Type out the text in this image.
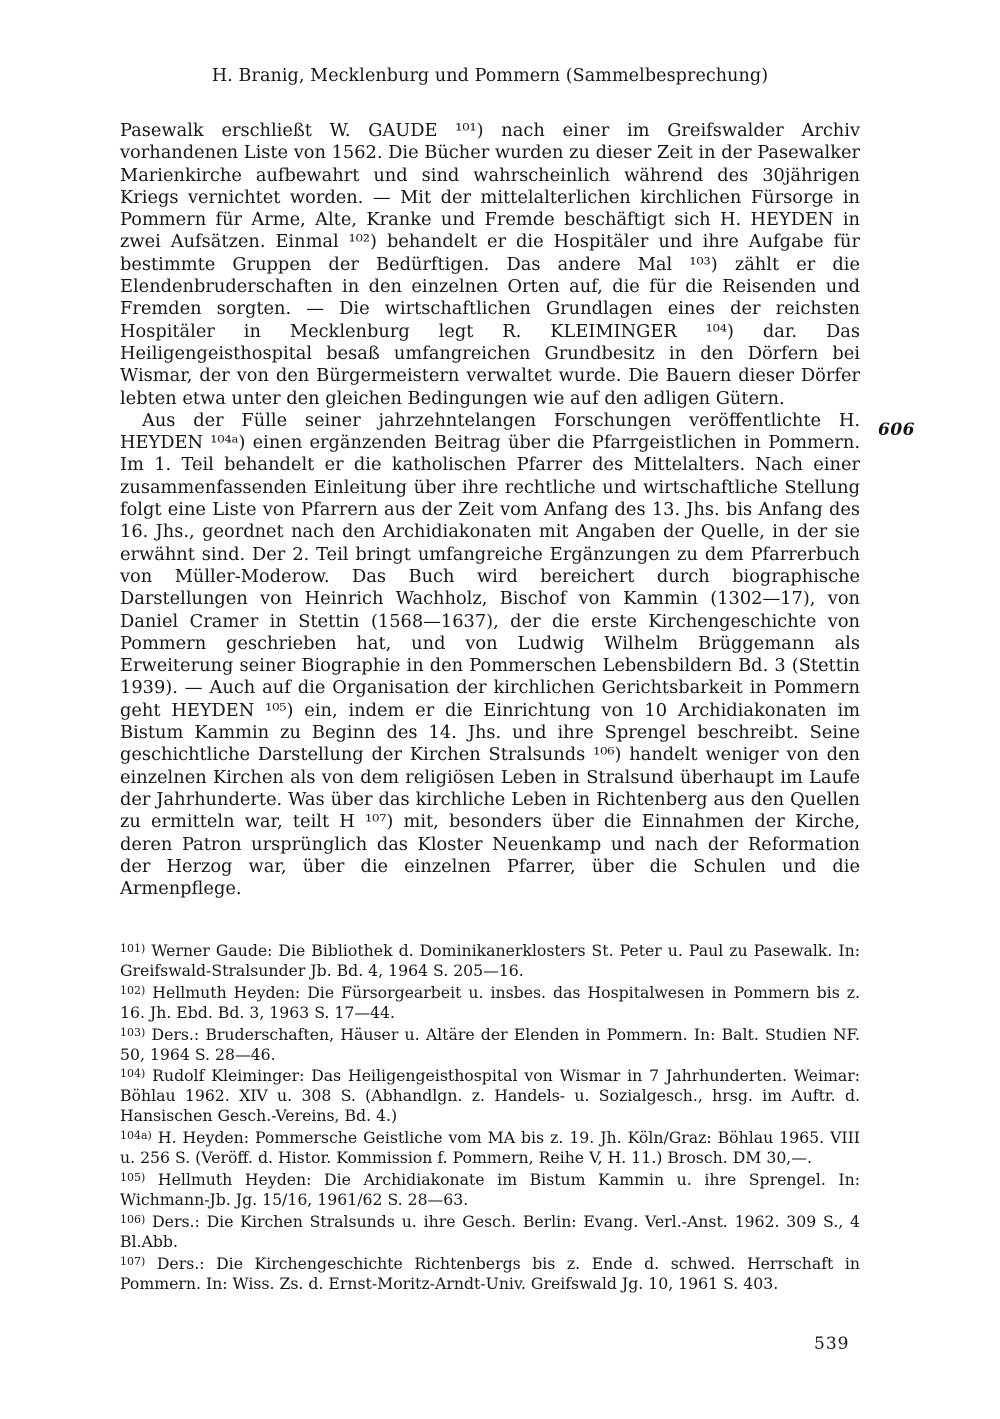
H. Branig, Mecklenburg und Pommern (Sammelbesprechung)

Pasewalk erschließt W. GAUDE ¹⁰¹) nach einer im Greifswalder Archiv vorhandenen Liste von 1562. Die Bücher wurden zu dieser Zeit in der Pasewalker Marienkirche aufbewahrt und sind wahrscheinlich während des 30jährigen Kriegs vernichtet worden. — Mit der mittelalterlichen kirchlichen Fürsorge in Pommern für Arme, Alte, Kranke und Fremde beschäftigt sich H. HEYDEN in zwei Aufsätzen. Einmal ¹⁰²) behandelt er die Hospitäler und ihre Aufgabe für bestimmte Gruppen der Bedürftigen. Das andere Mal ¹⁰³) zählt er die Elendenbruderschaften in den einzelnen Orten auf, die für die Reisenden und Fremden sorgten. — Die wirtschaftlichen Grundlagen eines der reichsten Hospitäler in Mecklenburg legt R. KLEIMINGER ¹⁰⁴) dar. Das Heiligengeisthospital besaß umfangreichen Grundbesitz in den Dörfern bei Wismar, der von den Bürgermeistern verwaltet wurde. Die Bauern dieser Dörfer lebten etwa unter den gleichen Bedingungen wie auf den adligen Gütern.

Aus der Fülle seiner jahrzehntelangen Forschungen veröffentlichte H. HEYDEN ¹⁰⁴ᵃ) einen ergänzenden Beitrag über die Pfarrgeistlichen in Pommern. Im 1. Teil behandelt er die katholischen Pfarrer des Mittelalters. Nach einer zusammenfassenden Einleitung über ihre rechtliche und wirtschaftliche Stellung folgt eine Liste von Pfarrern aus der Zeit vom Anfang des 13. Jhs. bis Anfang des 16. Jhs., geordnet nach den Archidiakonaten mit Angaben der Quelle, in der sie erwähnt sind. Der 2. Teil bringt umfangreiche Ergänzungen zu dem Pfarrerbuch von Müller-Moderow. Das Buch wird bereichert durch biographische Darstellungen von Heinrich Wachholz, Bischof von Kammin (1302—17), von Daniel Cramer in Stettin (1568—1637), der die erste Kirchengeschichte von Pommern geschrieben hat, und von Ludwig Wilhelm Brüggemann als Erweiterung seiner Biographie in den Pommerschen Lebensbildern Bd. 3 (Stettin 1939). — Auch auf die Organisation der kirchlichen Gerichtsbarkeit in Pommern geht HEYDEN ¹⁰⁵) ein, indem er die Einrichtung von 10 Archidiakonaten im Bistum Kammin zu Beginn des 14. Jhs. und ihre Sprengel beschreibt. Seine geschichtliche Darstellung der Kirchen Stralsunds ¹⁰⁶) handelt weniger von den einzelnen Kirchen als von dem religiösen Leben in Stralsund überhaupt im Laufe der Jahrhunderte. Was über das kirchliche Leben in Richtenberg aus den Quellen zu ermitteln war, teilt H ¹⁰⁷) mit, besonders über die Einnahmen der Kirche, deren Patron ursprünglich das Kloster Neuenkamp und nach der Reformation der Herzog war, über die einzelnen Pfarrer, über die Schulen und die Armenpflege.

606

$^{101)}$ Werner Gaude: Die Bibliothek d. Dominikanerklosters St. Peter u. Paul zu Pasewalk. In: Greifswald-Stralsunder Jb. Bd. 4, 1964 S. 205—16.

$^{102)}$ Hellmuth Heyden: Die Fürsorgearbeit u. insbes. das Hospitalwesen in Pommern bis z. 16. Jh. Ebd. Bd. 3, 1963 S. 17—44.

$^{103)}$ Ders.: Bruderschaften, Häuser u. Altäre der Elenden in Pommern. In: Balt. Studien NF. 50, 1964 S. 28—46.

$^{104)}$ Rudolf Kleiminger: Das Heiligengeisthospital von Wismar in 7 Jahrhunderten. Weimar: Böhlau 1962. XIV u. 308 S. (Abhandlgn. z. Handels- u. Sozialgesch., hrsg. im Auftr. d. Hansischen Gesch.-Vereins, Bd. 4.)

$^{104a)}$ H. Heyden: Pommersche Geistliche vom MA bis z. 19. Jh. Köln/Graz: Böhlau 1965. VIII u. 256 S. (Veröff. d. Histor. Kommission f. Pommern, Reihe V, H. 11.) Brosch. DM 30,—.

$^{105)}$ Hellmuth Heyden: Die Archidiakonate im Bistum Kammin u. ihre Sprengel. In: Wichmann-Jb. Jg. 15/16, 1961/62 S. 28—63.

$^{106)}$ Ders.: Die Kirchen Stralsunds u. ihre Gesch. Berlin: Evang. Verl.-Anst. 1962. 309 S., 4 Bl.Abb.

$^{107)}$ Ders.: Die Kirchengeschichte Richtenbergs bis z. Ende d. schwed. Herrschaft in Pommern. In: Wiss. Zs. d. Ernst-Moritz-Arndt-Univ. Greifswald Jg. 10, 1961 S. 403.

539
